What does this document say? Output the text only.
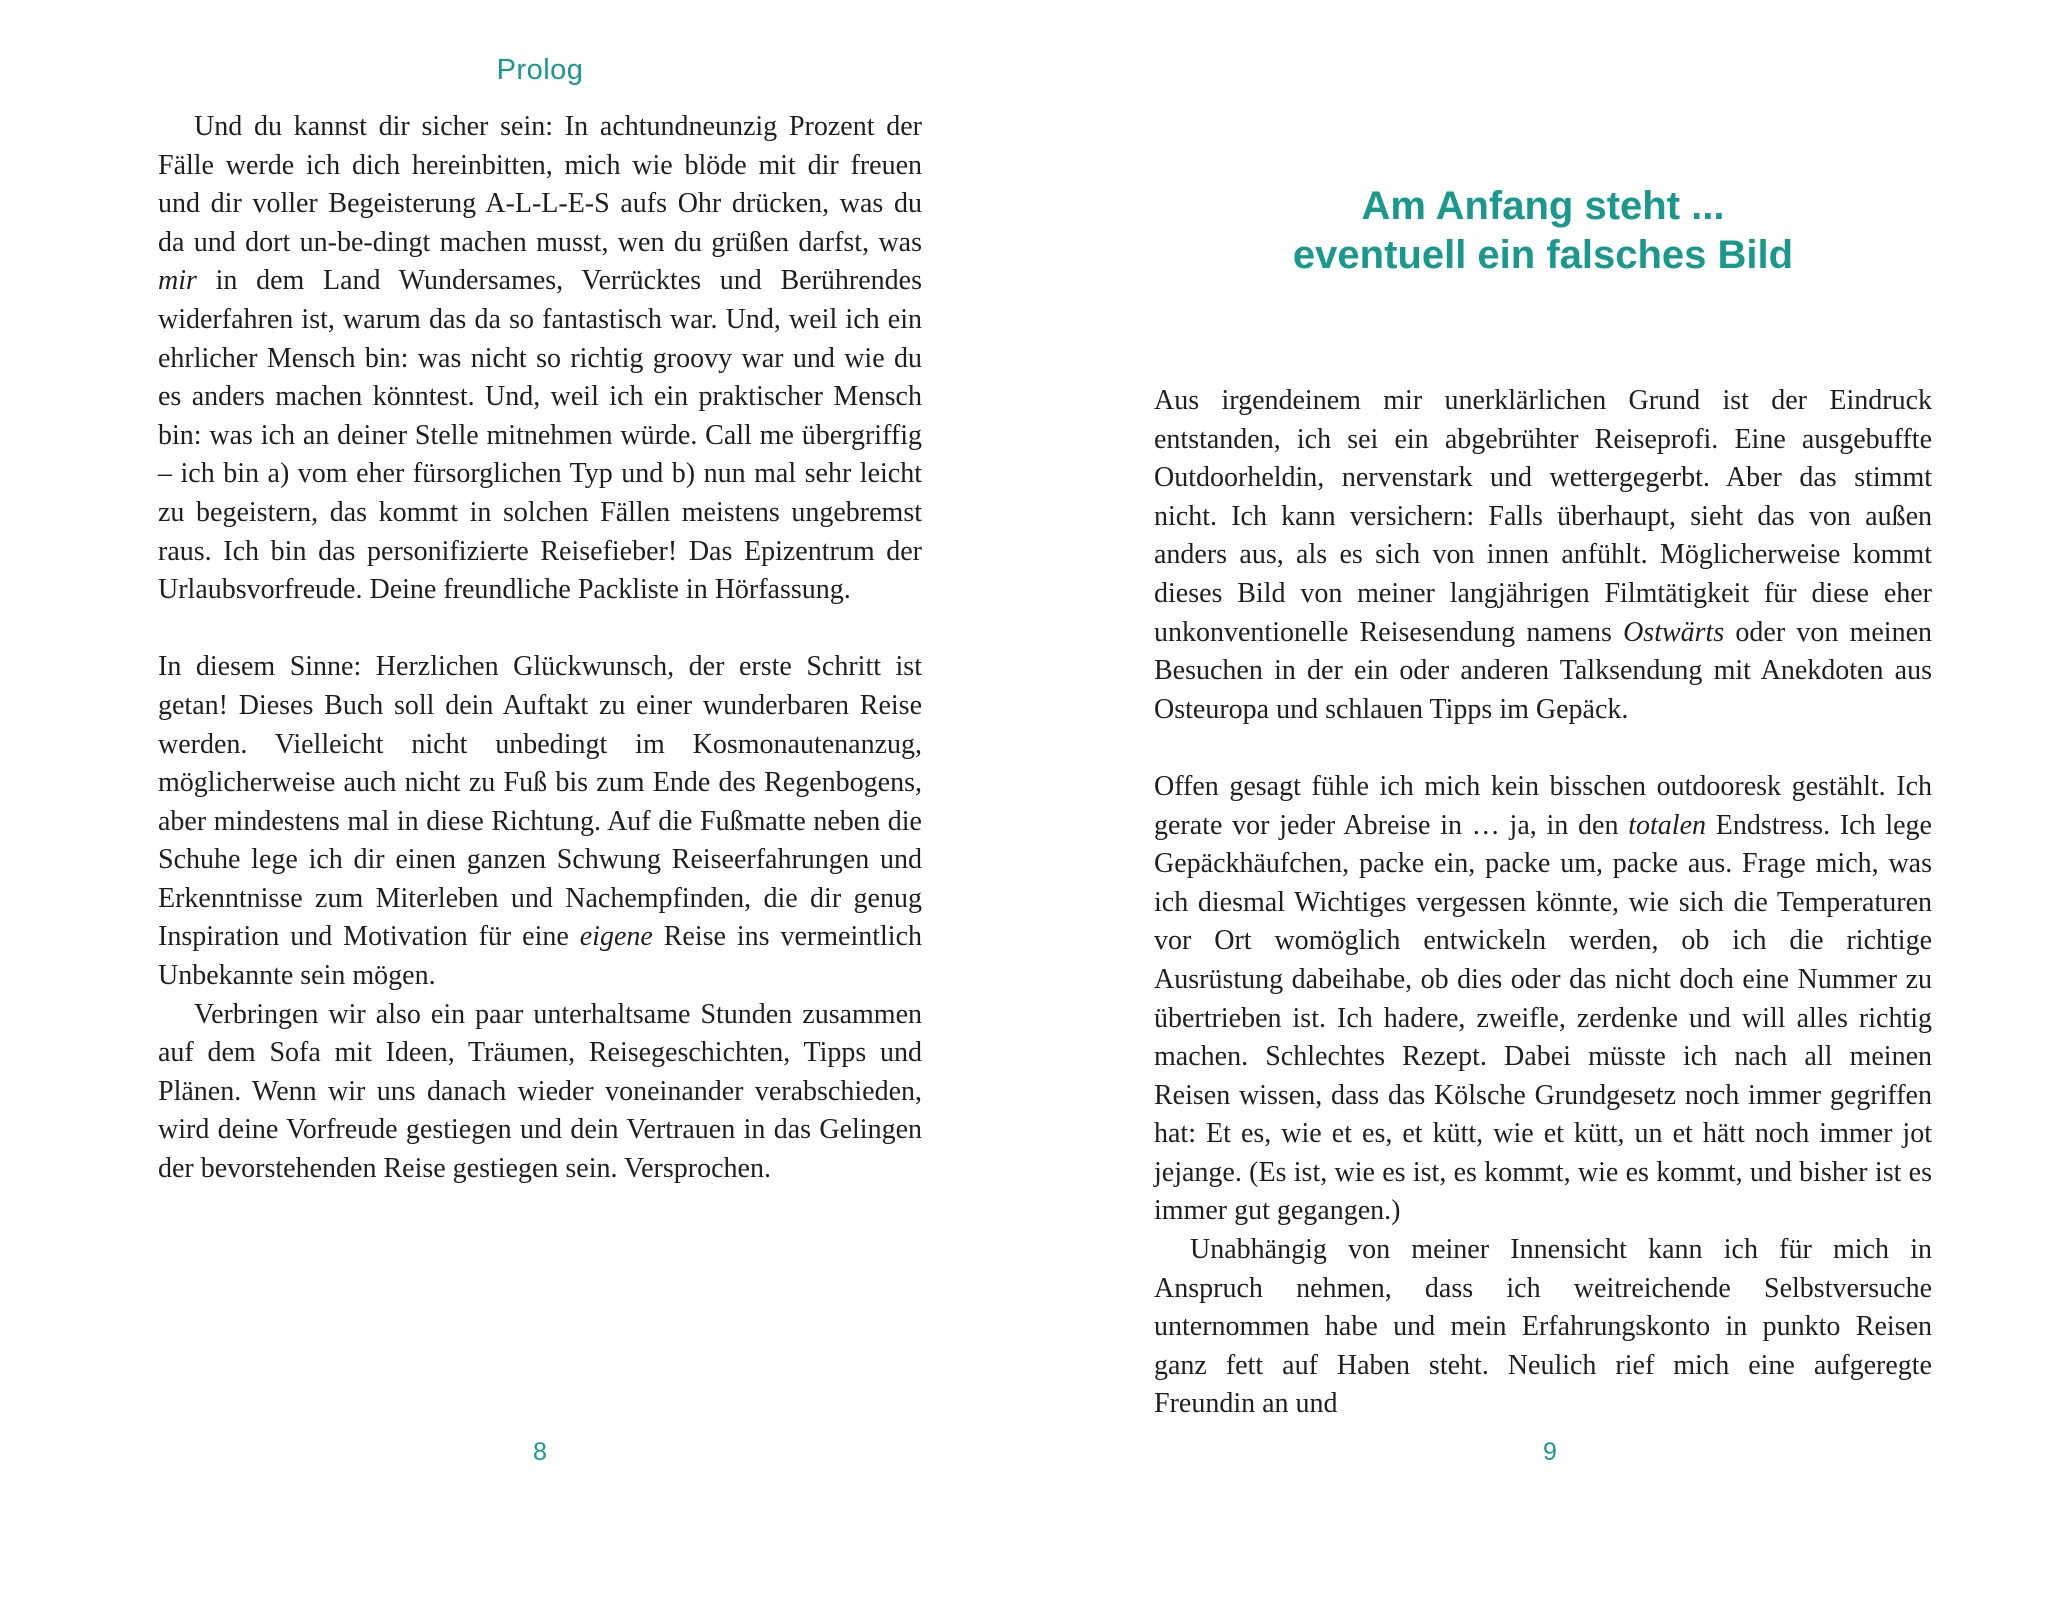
Prolog

Und du kannst dir sicher sein: In achtundneunzig Prozent der Fälle werde ich dich hereinbitten, mich wie blöde mit dir freuen und dir voller Begeisterung A-L-L-E-S aufs Ohr drücken, was du da und dort un-be-dingt machen musst, wen du grüßen darfst, was mir in dem Land Wundersames, Verrücktes und Berührendes widerfahren ist, warum das da so fantastisch war. Und, weil ich ein ehrlicher Mensch bin: was nicht so richtig groovy war und wie du es anders machen könntest. Und, weil ich ein praktischer Mensch bin: was ich an deiner Stelle mitnehmen würde. Call me übergriffig – ich bin a) vom eher fürsorglichen Typ und b) nun mal sehr leicht zu begeistern, das kommt in solchen Fällen meistens ungebremst raus. Ich bin das personifizierte Reisefieber! Das Epizentrum der Urlaubsvorfreude. Deine freundliche Packliste in Hörfassung.

In diesem Sinne: Herzlichen Glückwunsch, der erste Schritt ist getan! Dieses Buch soll dein Auftakt zu einer wunderbaren Reise werden. Vielleicht nicht unbedingt im Kosmonautenanzug, möglicherweise auch nicht zu Fuß bis zum Ende des Regenbogens, aber mindestens mal in diese Richtung. Auf die Fußmatte neben die Schuhe lege ich dir einen ganzen Schwung Reiseerfahrungen und Erkenntnisse zum Miterleben und Nachempfinden, die dir genug Inspiration und Motivation für eine eigene Reise ins vermeintlich Unbekannte sein mögen.

Verbringen wir also ein paar unterhaltsame Stunden zusammen auf dem Sofa mit Ideen, Träumen, Reisegeschichten, Tipps und Plänen. Wenn wir uns danach wieder voneinander verabschieden, wird deine Vorfreude gestiegen und dein Vertrauen in das Gelingen der bevorstehenden Reise gestiegen sein. Versprochen.

8
Am Anfang steht ...
eventuell ein falsches Bild

Aus irgendeinem mir unerklärlichen Grund ist der Eindruck entstanden, ich sei ein abgebrühter Reiseprofi. Eine ausgebuffte Outdoorheldin, nervenstark und wettergegerbt. Aber das stimmt nicht. Ich kann versichern: Falls überhaupt, sieht das von außen anders aus, als es sich von innen anfühlt. Möglicherweise kommt dieses Bild von meiner langjährigen Filmtätigkeit für diese eher unkonventionelle Reisesendung namens Ostwärts oder von meinen Besuchen in der ein oder anderen Talksendung mit Anekdoten aus Osteuropa und schlauen Tipps im Gepäck.

Offen gesagt fühle ich mich kein bisschen outdooresk gestählt. Ich gerate vor jeder Abreise in … ja, in den totalen Endstress. Ich lege Gepäckhäufchen, packe ein, packe um, packe aus. Frage mich, was ich diesmal Wichtiges vergessen könnte, wie sich die Temperaturen vor Ort womöglich entwickeln werden, ob ich die richtige Ausrüstung dabeihabe, ob dies oder das nicht doch eine Nummer zu übertrieben ist. Ich hadere, zweifle, zerdenke und will alles richtig machen. Schlechtes Rezept. Dabei müsste ich nach all meinen Reisen wissen, dass das Kölsche Grundgesetz noch immer gegriffen hat: Et es, wie et es, et kütt, wie et kütt, un et hätt noch immer jot jejange. (Es ist, wie es ist, es kommt, wie es kommt, und bisher ist es immer gut gegangen.)

Unabhängig von meiner Innensicht kann ich für mich in Anspruch nehmen, dass ich weitreichende Selbstversuche unternommen habe und mein Erfahrungskonto in punkto Reisen ganz fett auf Haben steht. Neulich rief mich eine aufgeregte Freundin an und

9
